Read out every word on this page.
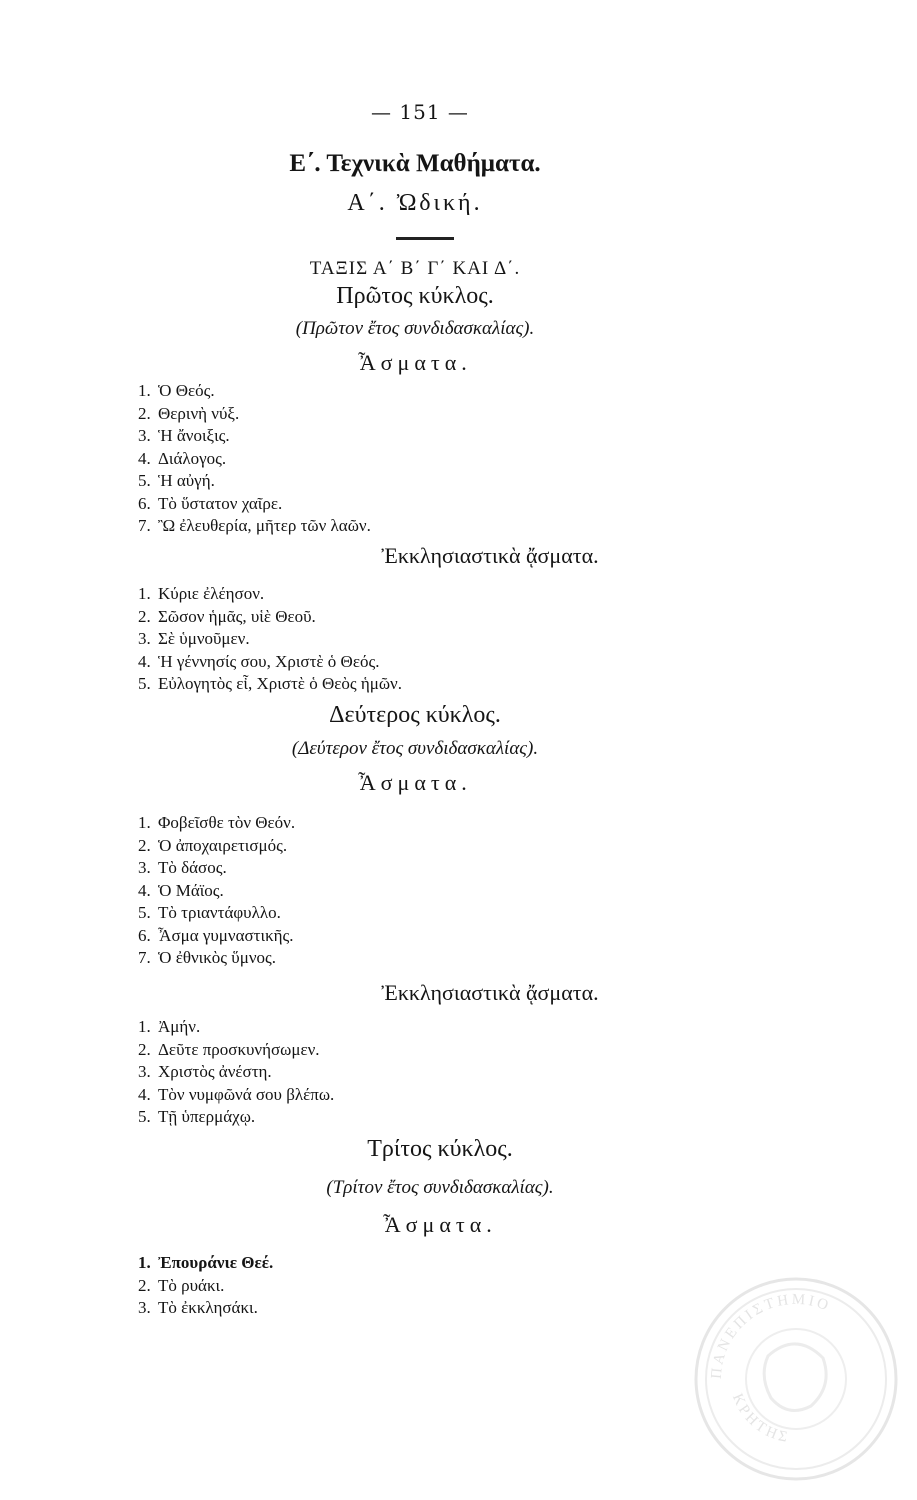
— 151 —
Ε΄. Τεχνικὰ Μαθήματα.
Α΄. Ὠδική.
ΤΑΞΙΣ Α΄ Β΄ Γ΄ ΚΑΙ Δ΄.
Πρῶτος κύκλος.
(Πρῶτον ἔτος συνδιδασκαλίας).
Ἆσματα.
1. Ὁ Θεός.
2. Θερινὴ νύξ.
3. Ἡ ἄνοιξις.
4. Διάλογος.
5. Ἡ αὐγή.
6. Τὸ ὕστατον χαῖρε.
7. Ὢ ἐλευθερία, μῆτερ τῶν λαῶν.
Ἐκκλησιαστικὰ ᾄσματα.
1. Κύριε ἐλέησον.
2. Σῶσον ἡμᾶς, υἱὲ Θεοῦ.
3. Σὲ ὑμνοῦμεν.
4. Ἡ γέννησίς σου, Χριστὲ ὁ Θεός.
5. Εὐλογητὸς εἶ, Χριστὲ ὁ Θεὸς ἡμῶν.
Δεύτερος κύκλος.
(Δεύτερον ἔτος συνδιδασκαλίας).
Ἆσματα.
1. Φοβεῖσθε τὸν Θεόν.
2. Ὁ ἀποχαιρετισμός.
3. Τὸ δάσος.
4. Ὁ Μάϊος.
5. Τὸ τριαντάφυλλο.
6. Ἆσμα γυμναστικῆς.
7. Ὁ ἐθνικὸς ὕμνος.
Ἐκκλησιαστικὰ ᾄσματα.
1. Ἀμήν.
2. Δεῦτε προσκυνήσωμεν.
3. Χριστὸς ἀνέστη.
4. Τὸν νυμφῶνά σου βλέπω.
5. Τῇ ὑπερμάχῳ.
Τρίτος κύκλος.
(Τρίτον ἔτος συνδιδασκαλίας).
Ἆσματα.
1. Ἐπουράνιε Θεέ.
2. Τὸ ρυάκι.
3. Τὸ ἐκκλησάκι.
ΠΑΝΕΠΙΣΤΗΜΙΟ
ΚΡΗΤΗΣ
